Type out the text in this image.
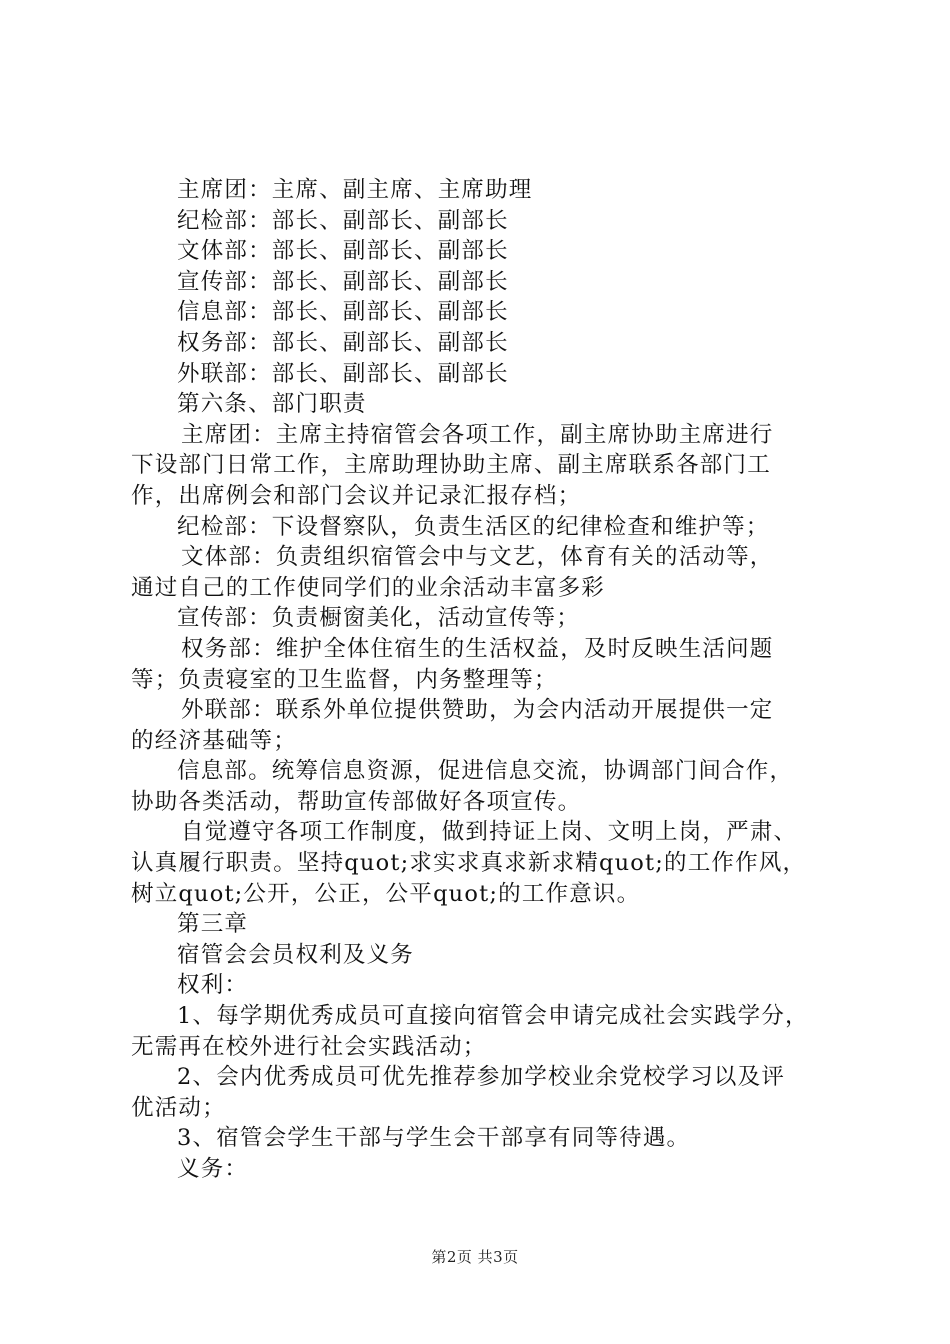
主席团：主席、副主席、主席助理
纪检部：部长、副部长、副部长
文体部：部长、副部长、副部长
宣传部：部长、副部长、副部长
信息部：部长、副部长、副部长
权务部：部长、副部长、副部长
外联部：部长、副部长、副部长
第六条、部门职责
主席团：主席主持宿管会各项工作，副主席协助主席进行
下设部门日常工作，主席助理协助主席、副主席联系各部门工
作，出席例会和部门会议并记录汇报存档；
纪检部：下设督察队，负责生活区的纪律检查和维护等；
文体部：负责组织宿管会中与文艺，体育有关的活动等，
通过自己的工作使同学们的业余活动丰富多彩
宣传部：负责橱窗美化，活动宣传等；
权务部：维护全体住宿生的生活权益，及时反映生活问题
等；负责寝室的卫生监督，内务整理等；
外联部：联系外单位提供赞助，为会内活动开展提供一定
的经济基础等；
信息部。统筹信息资源，促进信息交流，协调部门间合作，
协助各类活动，帮助宣传部做好各项宣传。
自觉遵守各项工作制度，做到持证上岗、文明上岗，严肃、
认真履行职责。坚持quot;求实求真求新求精quot;的工作作风，
树立quot;公开，公正，公平quot;的工作意识。
第三章
宿管会会员权利及义务
权利：
1、每学期优秀成员可直接向宿管会申请完成社会实践学分，
无需再在校外进行社会实践活动；
2、会内优秀成员可优先推荐参加学校业余党校学习以及评
优活动；
3、宿管会学生干部与学生会干部享有同等待遇。
义务：
第2页 共3页
